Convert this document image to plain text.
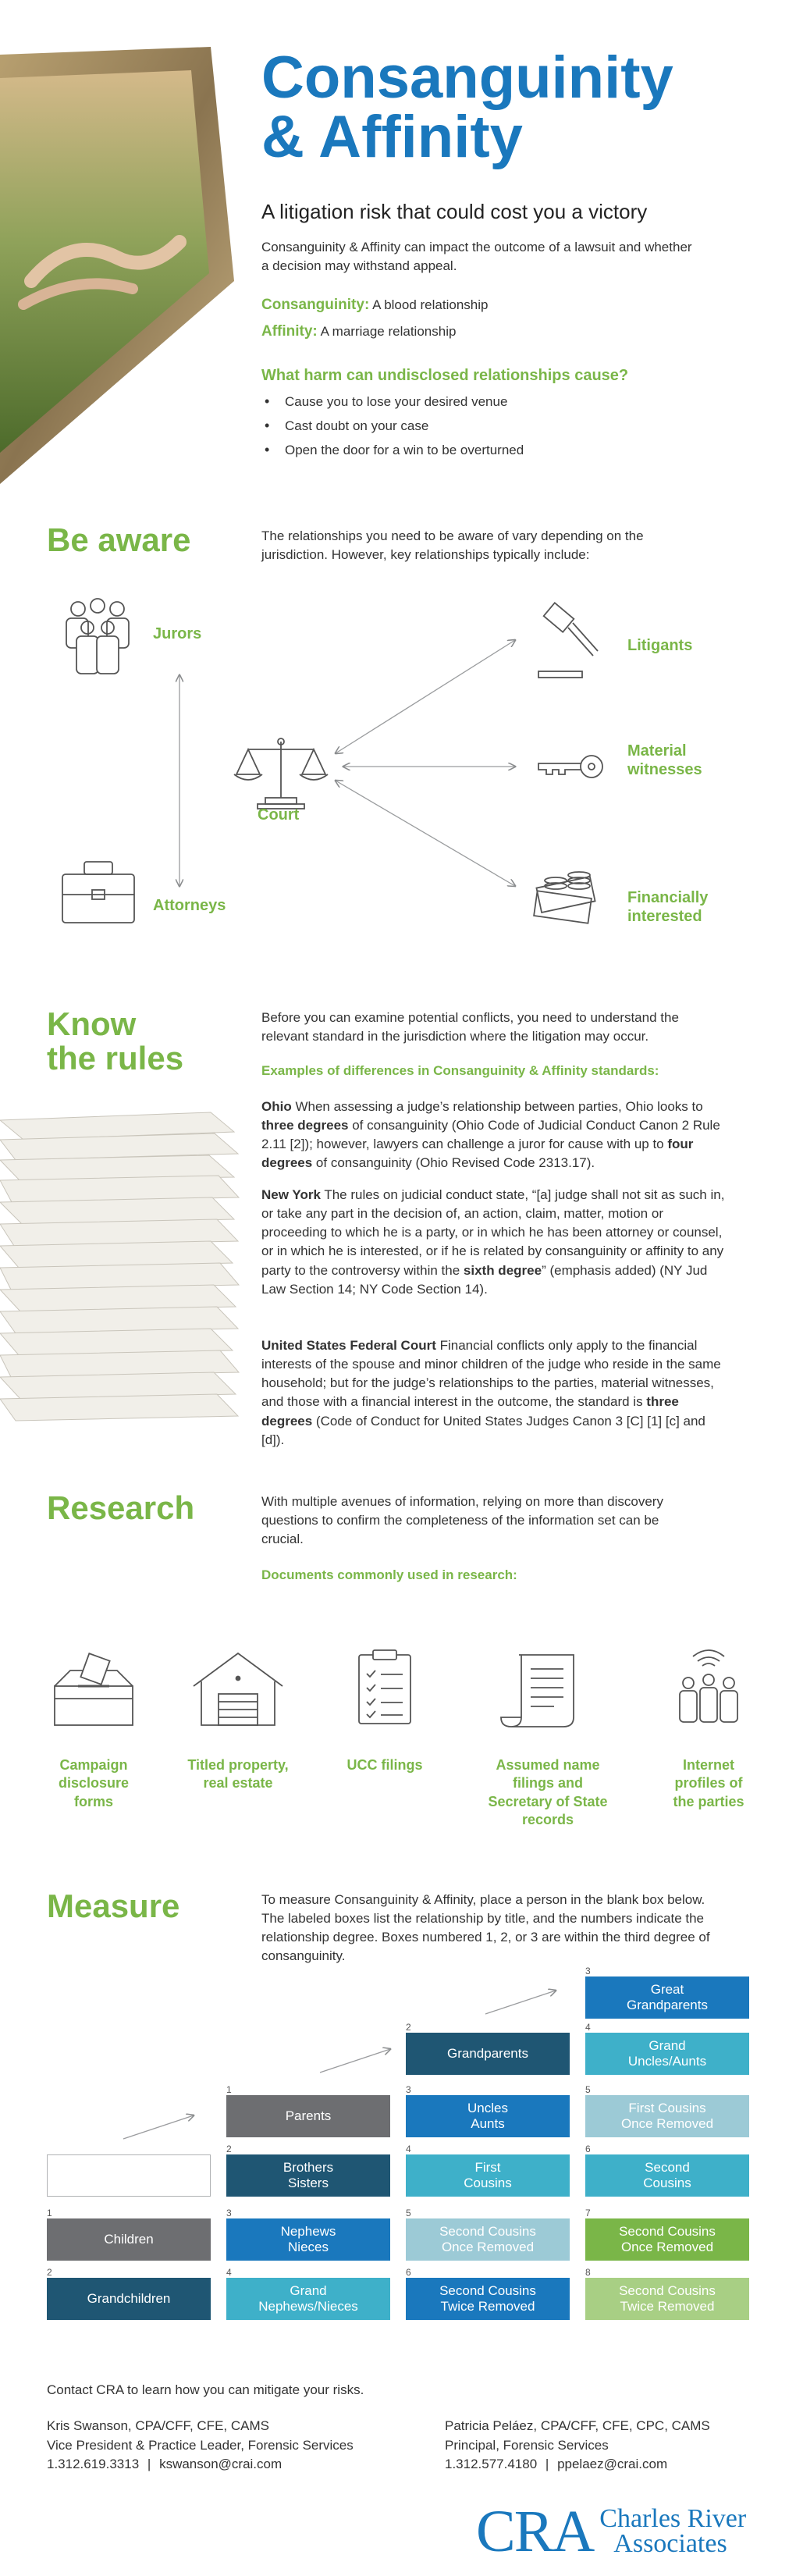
Consanguinity
& Affinity
A litigation risk that could cost you a victory
Consanguinity & Affinity can impact the outcome of a lawsuit and whether a decision may withstand appeal.
Consanguinity: A blood relationship
Affinity: A marriage relationship
What harm can undisclosed relationships cause?
• Cause you to lose your desired venue
• Cast doubt on your case
• Open the door for a win to be overturned
Be aware	The relationships you need to be aware of vary depending on the jurisdiction. However, key relationships typically include:
Jurors
Court
Attorneys
Litigants
Material
witnesses
Financially
interested
Know
the rules
Before you can examine potential conflicts, you need to understand the relevant standard in the jurisdiction where the litigation may occur.
Examples of differences in Consanguinity & Affinity standards:
Ohio When assessing a judge’s relationship between parties, Ohio looks to three degrees of consanguinity (Ohio Code of Judicial Conduct Canon 2 Rule 2.11 [2]); however, lawyers can challenge a juror for cause with up to four degrees of consanguinity (Ohio Revised Code 2313.17).
New York The rules on judicial conduct state, “[a] judge shall not sit as such in, or take any part in the decision of, an action, claim, matter, motion or proceeding to which he is a party, or in which he has been attorney or counsel, or in which he is interested, or if he is related by consanguinity or affinity to any party to the controversy within the sixth degree” (emphasis added) (NY Jud Law Section 14; NY Code Section 14).
United States Federal Court Financial conflicts only apply to the financial interests of the spouse and minor children of the judge who reside in the same household; but for the judge’s relationships to the parties, material witnesses, and those with a financial interest in the outcome, the standard is three degrees (Code of Conduct for United States Judges Canon 3 [C] [1] [c] and [d]).
Research	With multiple avenues of information, relying on more than discovery questions to confirm the completeness of the information set can be crucial.
Documents commonly used in research:
Campaign
disclosure
forms
Titled property,
real estate
UCC filings	Assumed name
filings and
Secretary of State
records
Internet
profiles of
the parties
Measure	To measure Consanguinity & Affinity, place a person in the blank box below. The labeled boxes list the relationship by title, and the numbers indicate the relationship degree. Boxes numbered 1, 2, or 3 are within the third degree of consanguinity.
1
Children
2
Grandchildren
1
Parents
2
Brothers
Sisters
3
Nephews
Nieces
4
Grand
Nephews/Nieces
2
Grandparents
3
Uncles
Aunts
4
First
Cousins
5
Second Cousins
Once Removed
6
Second Cousins
Twice Removed
3
Great
Grandparents
4
Grand
Uncles/Aunts
5
First Cousins
Once Removed
6
Second
Cousins
7
Second Cousins
Once Removed
8
Second Cousins
Twice Removed
Contact CRA to learn how you can mitigate your risks.
Kris Swanson, CPA/CFF, CFE, CAMS
Vice President & Practice Leader, Forensic Services
1.312.619.3313 | kswanson@crai.com
Patricia Peláez, CPA/CFF, CFE, CPC, CAMS
Principal, Forensic Services
1.312.577.4180 | ppelaez@crai.com
CRA Charles River
Associates
